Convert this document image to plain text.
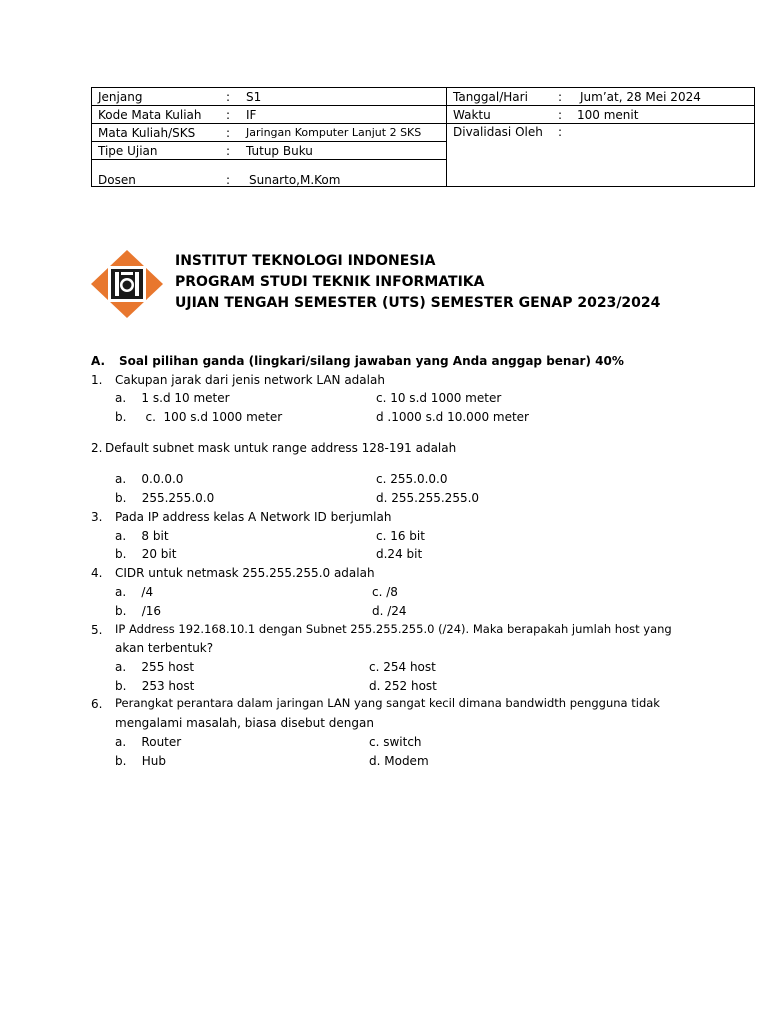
Jenjang	: S1
Kode Mata Kuliah : IF
Mata Kuliah/SKS	: Jaringan Komputer Lanjut 2 SKS
Tipe Ujian	: Tutup Buku
Dosen	: Sunarto,M.Kom
Tanggal/Hari	: Jum’at, 28 Mei 2024
Waktu	: 100 menit
Divalidasi Oleh :
INSTITUT TEKNOLOGI INDONESIA
PROGRAM STUDI TEKNIK INFORMATIKA
UJIAN TENGAH SEMESTER (UTS) SEMESTER GENAP 2023/2024
A. Soal pilihan ganda (lingkari/silang jawaban yang Anda anggap benar) 40%
1. Cakupan jarak dari jenis network LAN adalah
a.    1 s.d 10 meter	c. 10 s.d 1000 meter
b.     c.  100 s.d 1000 meter	d .1000 s.d 10.000 meter
2. Default subnet mask untuk range address 128-191 adalah
a.    0.0.0.0	c. 255.0.0.0
b.    255.255.0.0	d. 255.255.255.0
3. Pada IP address kelas A Network ID berjumlah
a.    8 bit	c. 16 bit
b.    20 bit	d.24 bit
4. CIDR untuk netmask 255.255.255.0 adalah
a.    /4	c. /8
b.    /16	d. /24
5. IP Address 192.168.10.1 dengan Subnet 255.255.255.0 (/24). Maka berapakah jumlah host yang
akan terbentuk?
a.    255 host	c. 254 host
b.    253 host	d. 252 host
6. Perangkat perantara dalam jaringan LAN yang sangat kecil dimana bandwidth pengguna tidak
mengalami masalah, biasa disebut dengan
a.    Router	c. switch
b.    Hub	d. Modem
